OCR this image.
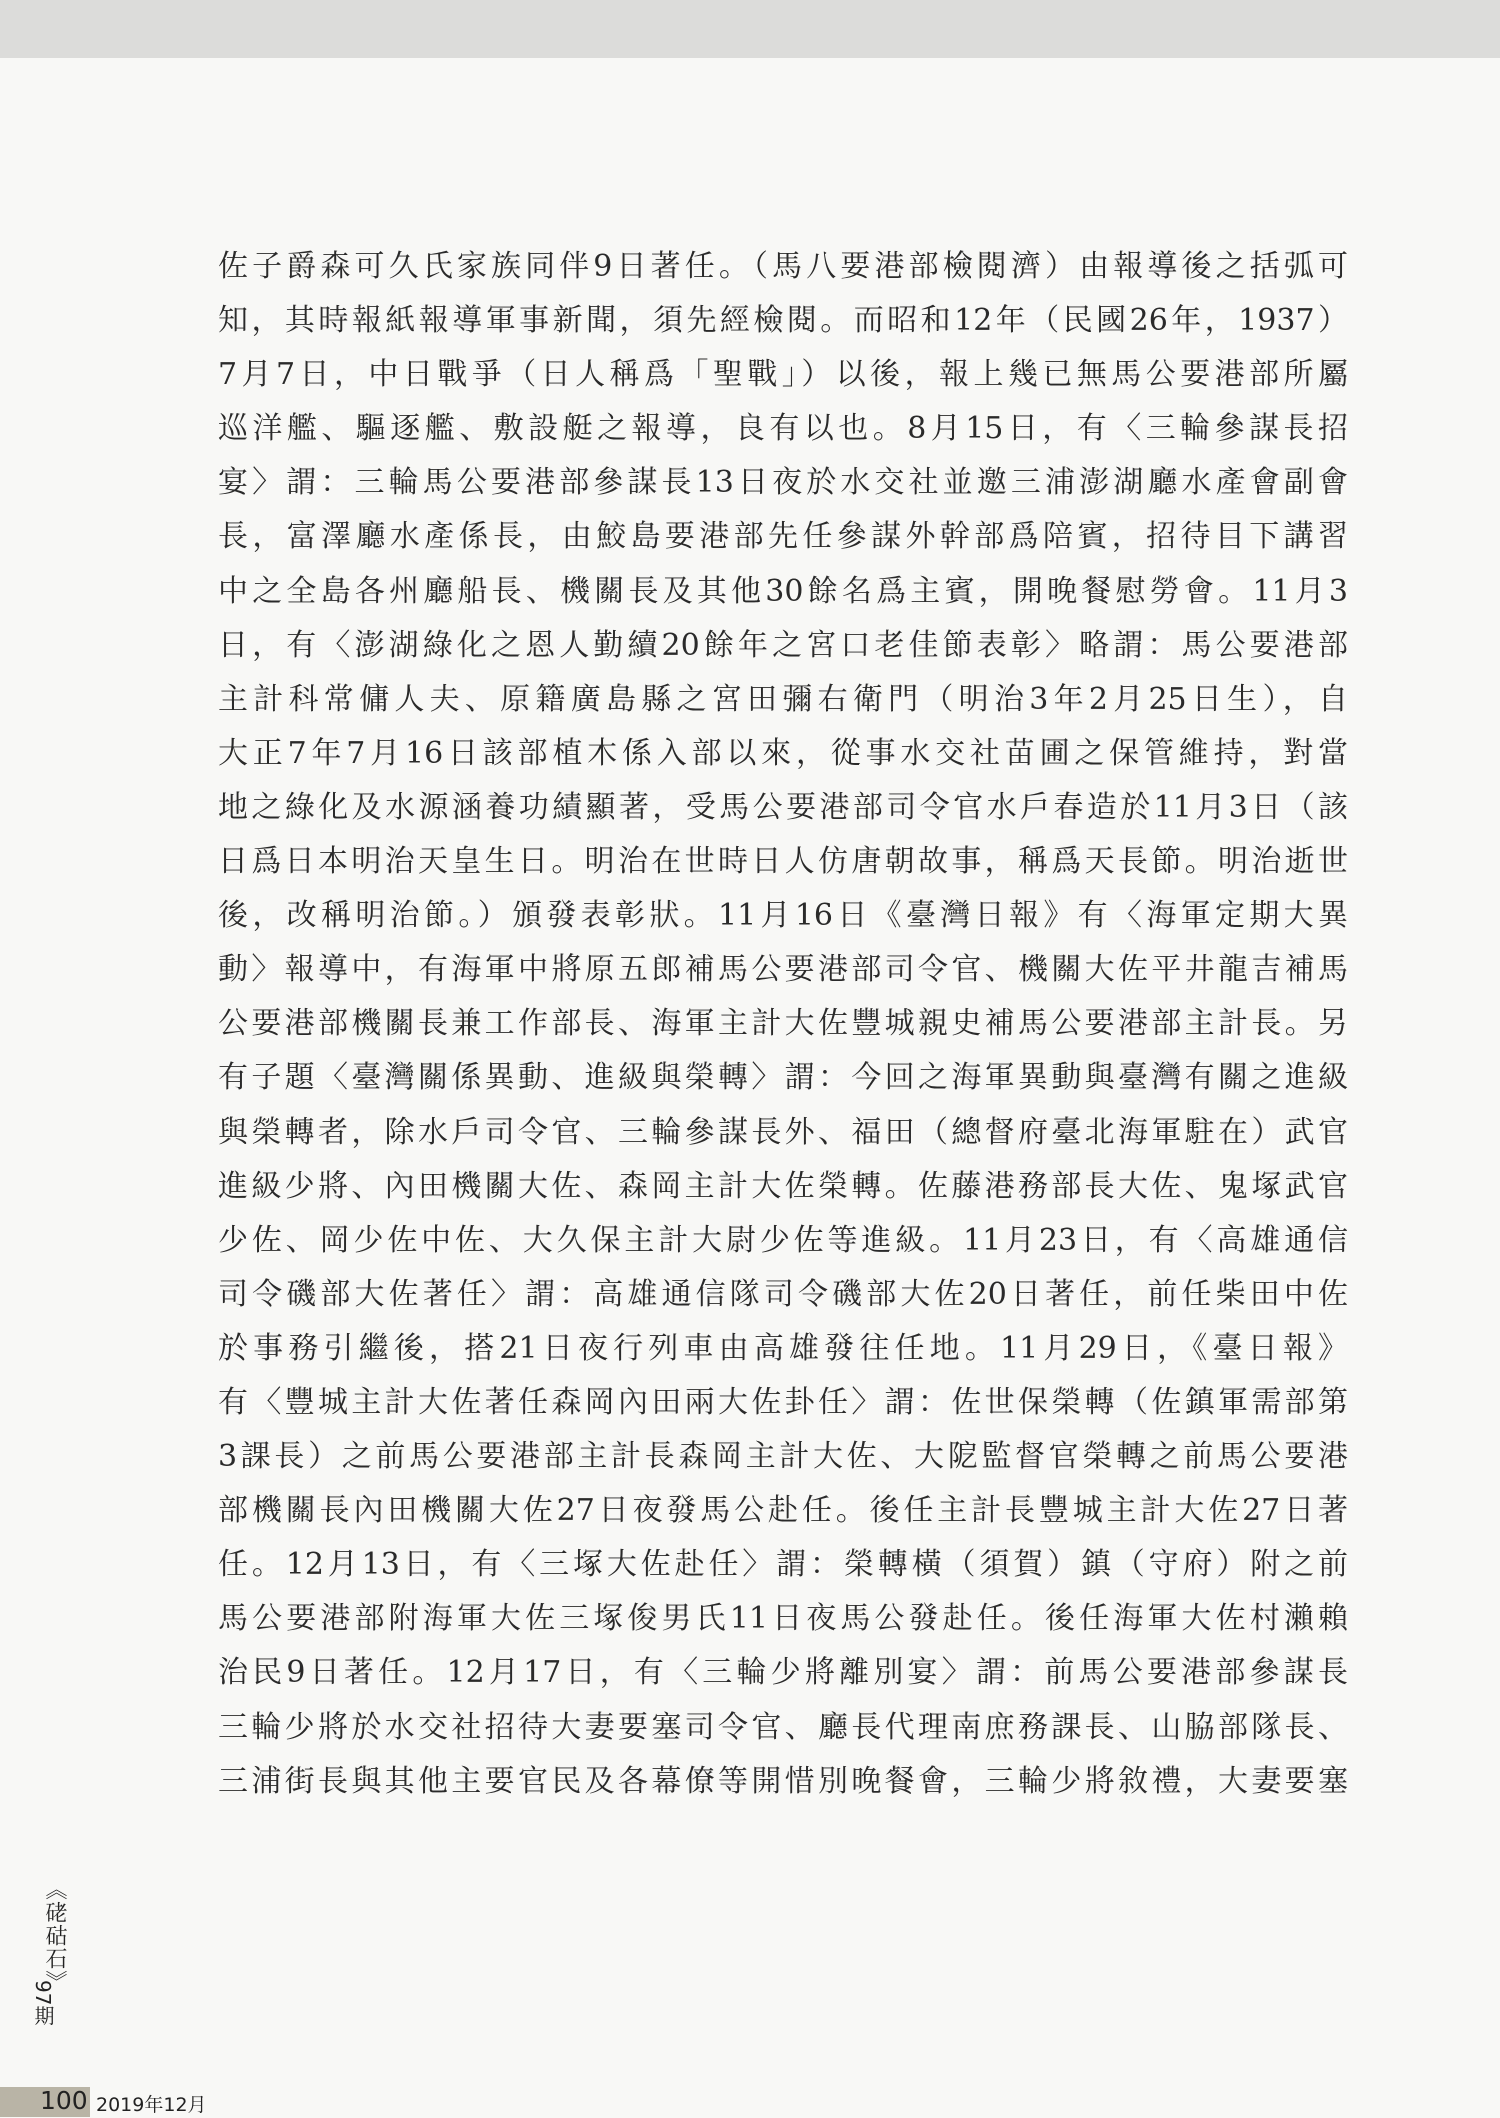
佐子爵森可久氏家族同伴9日著任。（馬八要港部檢閱濟）由報導後之括弧可
知，其時報紙報導軍事新聞，須先經檢閱。而昭和12年（民國26年，1937）
7月7日，中日戰爭（日人稱爲「聖戰」）以後，報上幾已無馬公要港部所屬
巡洋艦、驅逐艦、敷設艇之報導，良有以也。8月15日，有〈三輪參謀長招
宴〉謂：三輪馬公要港部參謀長13日夜於水交社並邀三浦澎湖廳水產會副會
長，富澤廳水產係長，由鮫島要港部先任參謀外幹部爲陪賓，招待目下講習
中之全島各州廳船長、機關長及其他30餘名爲主賓，開晚餐慰勞會。11月3
日，有〈澎湖綠化之恩人勤續20餘年之宮口老佳節表彰〉略謂：馬公要港部
主計科常傭人夫、原籍廣島縣之宮田彌右衛門（明治3年2月25日生），自
大正7年7月16日該部植木係入部以來，從事水交社苗圃之保管維持，對當
地之綠化及水源涵養功績顯著，受馬公要港部司令官水戶春造於11月3日（該
日爲日本明治天皇生日。明治在世時日人仿唐朝故事，稱爲天長節。明治逝世
後，改稱明治節。）頒發表彰狀。11月16日《臺灣日報》有〈海軍定期大異
動〉報導中，有海軍中將原五郎補馬公要港部司令官、機關大佐平井龍吉補馬
公要港部機關長兼工作部長、海軍主計大佐豐城親史補馬公要港部主計長。另
有子題〈臺灣關係異動、進級與榮轉〉謂：今回之海軍異動與臺灣有關之進級
與榮轉者，除水戶司令官、三輪參謀長外、福田（總督府臺北海軍駐在）武官
進級少將、內田機關大佐、森岡主計大佐榮轉。佐藤港務部長大佐、鬼塚武官
少佐、岡少佐中佐、大久保主計大尉少佐等進級。11月23日，有〈高雄通信
司令磯部大佐著任〉謂：高雄通信隊司令磯部大佐20日著任，前任柴田中佐
於事務引繼後，搭21日夜行列車由高雄發往任地。11月29日，《臺日報》
有〈豐城主計大佐著任森岡內田兩大佐卦任〉謂：佐世保榮轉（佐鎮軍需部第
3課長）之前馬公要港部主計長森岡主計大佐、大阸監督官榮轉之前馬公要港
部機關長內田機關大佐27日夜發馬公赴任。後任主計長豐城主計大佐27日著
任。12月13日，有〈三塚大佐赴任〉謂：榮轉橫（須賀）鎮（守府）附之前
馬公要港部附海軍大佐三塚俊男氏11日夜馬公發赴任。後任海軍大佐村瀨賴
治民9日著任。12月17日，有〈三輪少將離別宴〉謂：前馬公要港部參謀長
三輪少將於水交社招待大妻要塞司令官、廳長代理南庶務課長、山脇部隊長、
三浦街長與其他主要官民及各幕僚等開惜別晚餐會，三輪少將敘禮，大妻要塞
《硓𥑮石》
97期
100 2019年12月
